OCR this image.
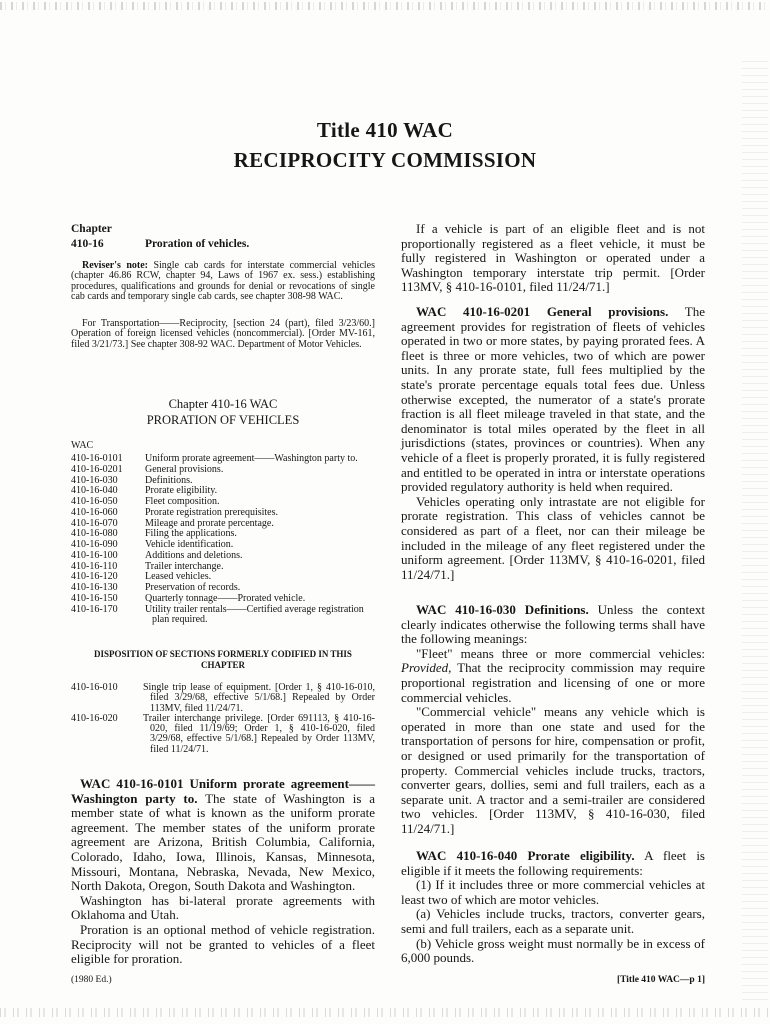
Title 410 WAC
RECIPROCITY COMMISSION
Chapter
410-16	Proration of vehicles.

Reviser's note: Single cab cards for interstate commercial vehicles (chapter 46.86 RCW, chapter 94, Laws of 1967 ex. sess.) establishing procedures, qualifications and grounds for denial or revocations of single cab cards and temporary single cab cards, see chapter 308-98 WAC.

For Transportation——Reciprocity, [section 24 (part), filed 3/23/60.] Operation of foreign licensed vehicles (noncommercial). [Order MV-161, filed 3/21/73.] See chapter 308-92 WAC. Department of Motor Vehicles.

Chapter 410-16 WAC
PRORATION OF VEHICLES
WAC
410-16-0101	Uniform prorate agreement——Washington party to.
410-16-0201	General provisions.
410-16-030	Definitions.
410-16-040	Prorate eligibility.
410-16-050	Fleet composition.
410-16-060	Prorate registration prerequisites.
410-16-070	Mileage and prorate percentage.
410-16-080	Filing the applications.
410-16-090	Vehicle identification.
410-16-100	Additions and deletions.
410-16-110	Trailer interchange.
410-16-120	Leased vehicles.
410-16-130	Preservation of records.
410-16-150	Quarterly tonnage——Prorated vehicle.
410-16-170	Utility trailer rentals——Certified average registration plan required.
DISPOSITION OF SECTIONS FORMERLY CODIFIED IN THIS CHAPTER
410-16-010	Single trip lease of equipment. [Order 1, § 410-16-010, filed 3/29/68, effective 5/1/68.] Repealed by Order 113MV, filed 11/24/71.
410-16-020	Trailer interchange privilege. [Order 691113, § 410-16-020, filed 11/19/69; Order 1, § 410-16-020, filed 3/29/68, effective 5/1/68.] Repealed by Order 113MV, filed 11/24/71.

WAC 410-16-0101 Uniform prorate agreement——Washington party to. The state of Washington is a member state of what is known as the uniform prorate agreement. The member states of the uniform prorate agreement are Arizona, British Columbia, California, Colorado, Idaho, Iowa, Illinois, Kansas, Minnesota, Missouri, Montana, Nebraska, Nevada, New Mexico, North Dakota, Oregon, South Dakota and Washington.

Washington has bi-lateral prorate agreements with Oklahoma and Utah.

Proration is an optional method of vehicle registration. Reciprocity will not be granted to vehicles of a fleet eligible for proration.

If a vehicle is part of an eligible fleet and is not proportionally registered as a fleet vehicle, it must be fully registered in Washington or operated under a Washington temporary interstate trip permit. [Order 113MV, § 410-16-0101, filed 11/24/71.]

WAC 410-16-0201 General provisions. The agreement provides for registration of fleets of vehicles operated in two or more states, by paying prorated fees. A fleet is three or more vehicles, two of which are power units. In any prorate state, full fees multiplied by the state's prorate percentage equals total fees due. Unless otherwise excepted, the numerator of a state's prorate fraction is all fleet mileage traveled in that state, and the denominator is total miles operated by the fleet in all jurisdictions (states, provinces or countries). When any vehicle of a fleet is properly prorated, it is fully registered and entitled to be operated in intra or interstate operations provided regulatory authority is held when required.

Vehicles operating only intrastate are not eligible for prorate registration. This class of vehicles cannot be considered as part of a fleet, nor can their mileage be included in the mileage of any fleet registered under the uniform agreement. [Order 113MV, § 410-16-0201, filed 11/24/71.]

WAC 410-16-030 Definitions. Unless the context clearly indicates otherwise the following terms shall have the following meanings:

"Fleet" means three or more commercial vehicles: Provided, That the reciprocity commission may require proportional registration and licensing of one or more commercial vehicles.

"Commercial vehicle" means any vehicle which is operated in more than one state and used for the transportation of persons for hire, compensation or profit, or designed or used primarily for the transportation of property. Commercial vehicles include trucks, tractors, converter gears, dollies, semi and full trailers, each as a separate unit. A tractor and a semi-trailer are considered two vehicles. [Order 113MV, § 410-16-030, filed 11/24/71.]

WAC 410-16-040 Prorate eligibility. A fleet is eligible if it meets the following requirements:

(1) If it includes three or more commercial vehicles at least two of which are motor vehicles.

(a) Vehicles include trucks, tractors, converter gears, semi and full trailers, each as a separate unit.

(b) Vehicle gross weight must normally be in excess of 6,000 pounds.

(1980 Ed.)	[Title 410 WAC—p 1]
